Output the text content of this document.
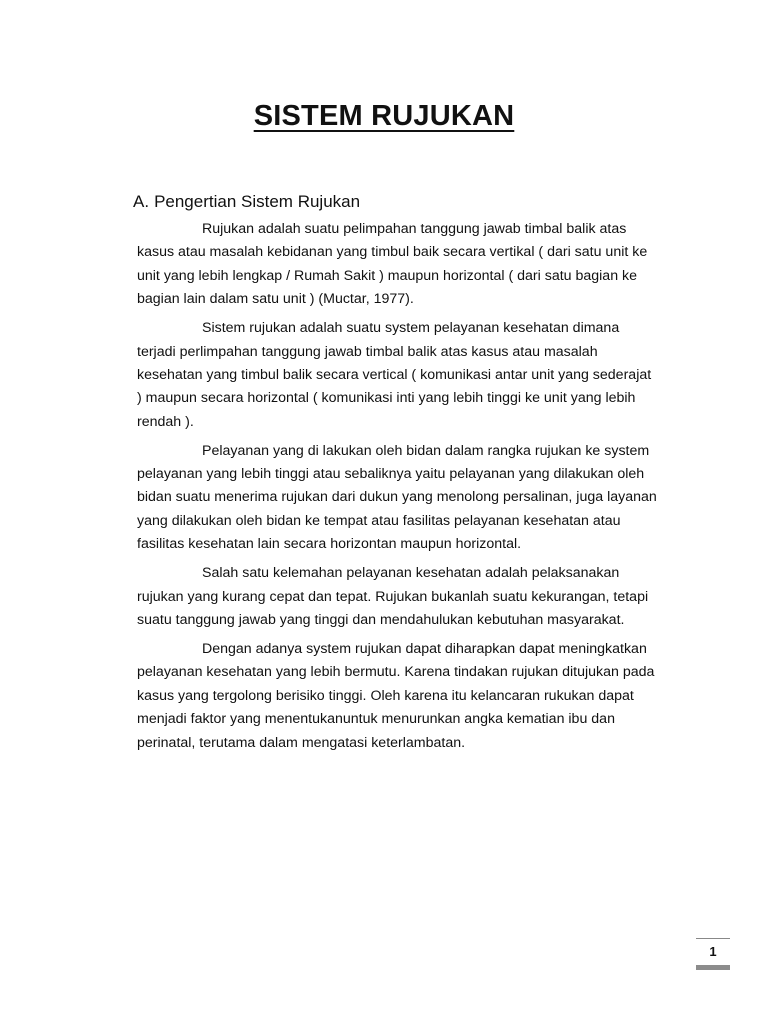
SISTEM RUJUKAN
A. Pengertian Sistem Rujukan

Rujukan adalah suatu pelimpahan tanggung jawab timbal balik atas
kasus atau masalah kebidanan yang timbul baik secara vertikal ( dari satu unit ke
unit yang lebih lengkap / Rumah Sakit ) maupun horizontal ( dari satu bagian ke
bagian lain dalam satu unit ) (Muctar, 1977).

Sistem rujukan adalah suatu system pelayanan kesehatan dimana
terjadi perlimpahan tanggung jawab timbal balik atas kasus atau masalah
kesehatan yang timbul balik secara vertical ( komunikasi antar unit yang sederajat
) maupun secara horizontal ( komunikasi inti yang lebih tinggi ke unit yang lebih
rendah ).

Pelayanan yang di lakukan oleh bidan dalam rangka rujukan ke system
pelayanan yang lebih tinggi atau sebaliknya yaitu pelayanan yang dilakukan oleh
bidan suatu menerima rujukan dari dukun yang menolong persalinan, juga layanan
yang dilakukan oleh bidan ke tempat atau fasilitas pelayanan kesehatan atau
fasilitas kesehatan lain secara horizontan maupun horizontal.

Salah satu kelemahan pelayanan kesehatan adalah pelaksanakan
rujukan yang kurang cepat dan tepat. Rujukan bukanlah suatu kekurangan, tetapi
suatu tanggung jawab yang tinggi dan mendahulukan kebutuhan masyarakat.

Dengan adanya system rujukan dapat diharapkan dapat meningkatkan
pelayanan kesehatan yang lebih bermutu. Karena tindakan rujukan ditujukan pada
kasus yang tergolong berisiko tinggi. Oleh karena itu kelancaran rukukan dapat
menjadi faktor yang menentukanuntuk menurunkan angka kematian ibu dan
perinatal, terutama dalam mengatasi keterlambatan.

1
